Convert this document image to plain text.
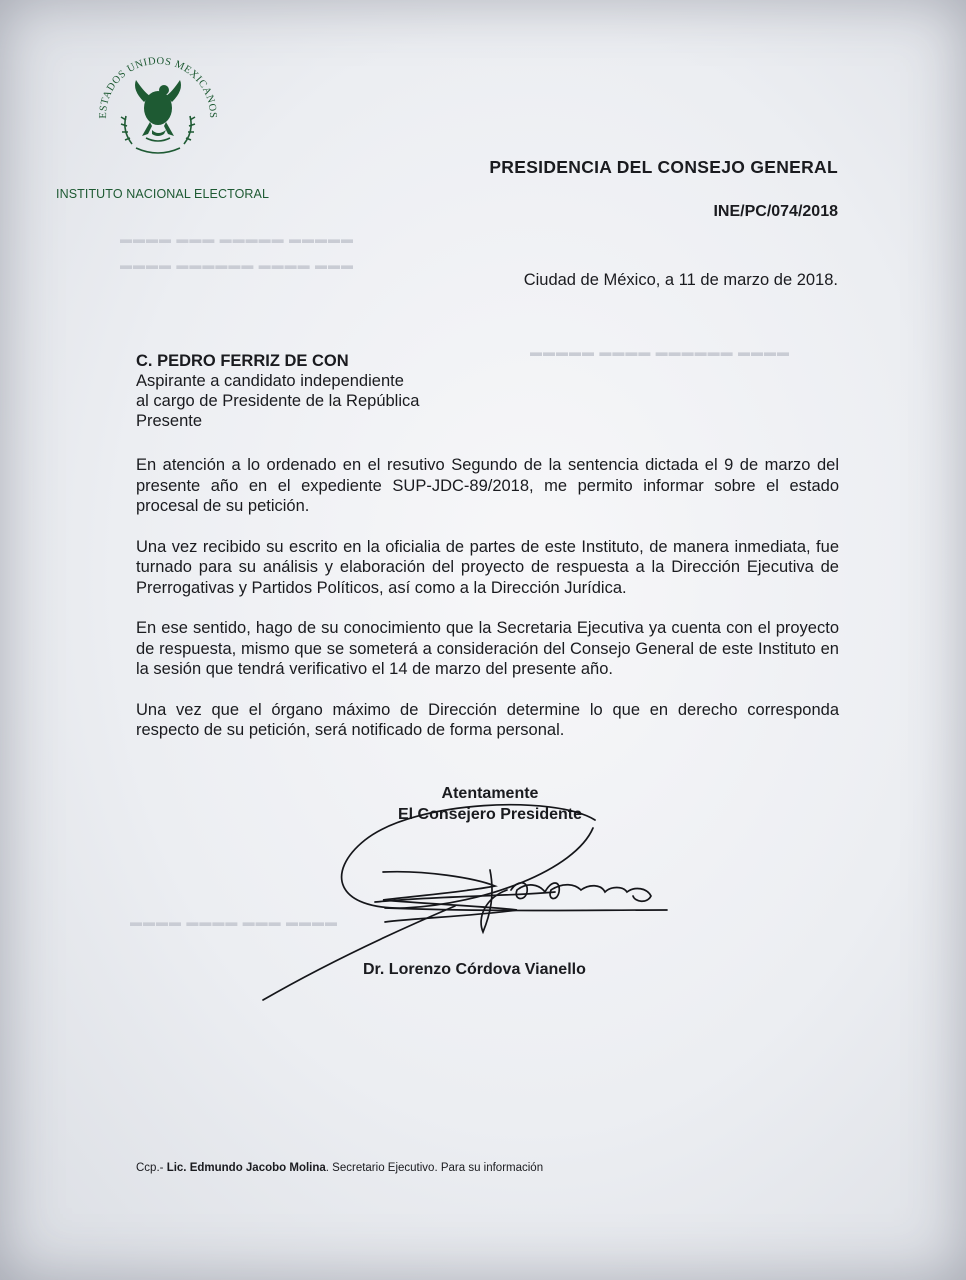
▬▬▬▬ ▬▬▬ ▬▬▬▬▬ ▬▬▬▬▬
▬▬▬▬ ▬▬▬▬▬▬ ▬▬▬▬ ▬▬▬
▬▬▬▬▬ ▬▬▬▬ ▬▬▬▬▬▬ ▬▬▬▬
▬▬▬▬ ▬▬▬▬ ▬▬▬ ▬▬▬▬
ESTADOS UNIDOS MEXICANOS
INSTITUTO NACIONAL ELECTORAL
PRESIDENCIA DEL CONSEJO GENERAL
INE/PC/074/2018
Ciudad de México, a 11 de marzo de 2018.
C. PEDRO FERRIZ DE CON
Aspirante a candidato independiente
al cargo de Presidente de la República
Presente

En atención a lo ordenado en el resutivo Segundo de la sentencia dictada el 9 de marzo del presente año en el expediente SUP-JDC-89/2018, me permito informar sobre el estado procesal de su petición.

Una vez recibido su escrito en la oficialia de partes de este Instituto, de manera inmediata, fue turnado para su análisis y elaboración del proyecto de respuesta a la Dirección Ejecutiva de Prerrogativas y Partidos Políticos, así como a la Dirección Jurídica.

En ese sentido, hago de su conocimiento que la Secretaria Ejecutiva ya cuenta con el proyecto de respuesta, mismo que se someterá a consideración del Consejo General de este Instituto en la sesión que tendrá verificativo el 14 de marzo del presente año.

Una vez que el órgano máximo de Dirección determine lo que en derecho corresponda respecto de su petición, será notificado de forma personal.

Atentamente
El Consejero Presidente
Dr. Lorenzo Córdova Vianello
Ccp.- Lic. Edmundo Jacobo Molina. Secretario Ejecutivo. Para su información
